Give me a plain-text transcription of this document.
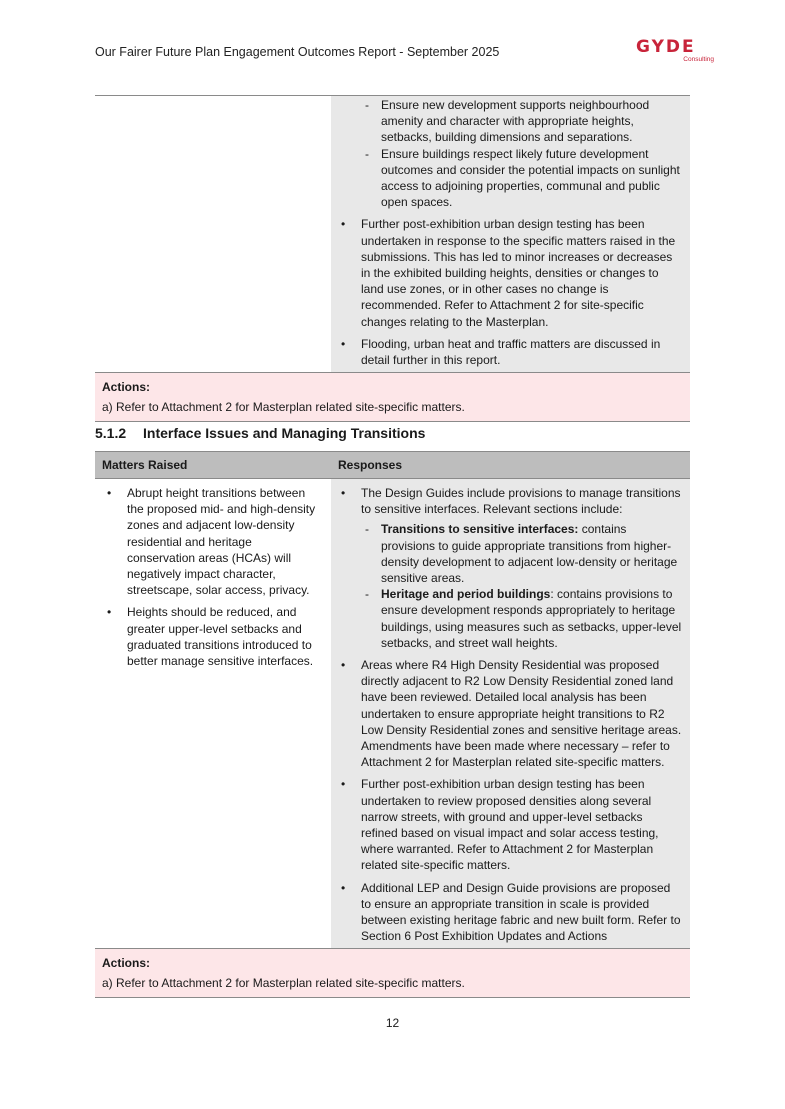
Our Fairer Future Plan Engagement Outcomes Report - September 2025	GYDE
Consulting
- Ensure new development supports neighbourhood amenity and character with appropriate heights, setbacks, building dimensions and separations.
- Ensure buildings respect likely future development outcomes and consider the potential impacts on sunlight access to adjoining properties, communal and public open spaces.
• Further post-exhibition urban design testing has been undertaken in response to the specific matters raised in the submissions. This has led to minor increases or decreases in the exhibited building heights, densities or changes to land use zones, or in other cases no change is recommended. Refer to Attachment 2 for site-specific changes relating to the Masterplan.
• Flooding, urban heat and traffic matters are discussed in detail further in this report.
Actions:
a) Refer to Attachment 2 for Masterplan related site-specific matters.
5.1.2 Interface Issues and Managing Transitions
Matters Raised	Responses
• Abrupt height transitions between the proposed mid- and high-density zones and adjacent low-density residential and heritage conservation areas (HCAs) will negatively impact character, streetscape, solar access, privacy.
• Heights should be reduced, and greater upper-level setbacks and graduated transitions introduced to better manage sensitive interfaces.
• The Design Guides include provisions to manage transitions to sensitive interfaces. Relevant sections include:
- Transitions to sensitive interfaces: contains provisions to guide appropriate transitions from higher-density development to adjacent low-density or heritage sensitive areas.
- Heritage and period buildings: contains provisions to ensure development responds appropriately to heritage buildings, using measures such as setbacks, upper-level setbacks, and street wall heights.
• Areas where R4 High Density Residential was proposed directly adjacent to R2 Low Density Residential zoned land have been reviewed. Detailed local analysis has been undertaken to ensure appropriate height transitions to R2 Low Density Residential zones and sensitive heritage areas. Amendments have been made where necessary – refer to Attachment 2 for Masterplan related site-specific matters.
• Further post-exhibition urban design testing has been undertaken to review proposed densities along several narrow streets, with ground and upper-level setbacks refined based on visual impact and solar access testing, where warranted. Refer to Attachment 2 for Masterplan related site-specific matters.
• Additional LEP and Design Guide provisions are proposed to ensure an appropriate transition in scale is provided between existing heritage fabric and new built form. Refer to Section 6 Post Exhibition Updates and Actions
Actions:
a) Refer to Attachment 2 for Masterplan related site-specific matters.
12
